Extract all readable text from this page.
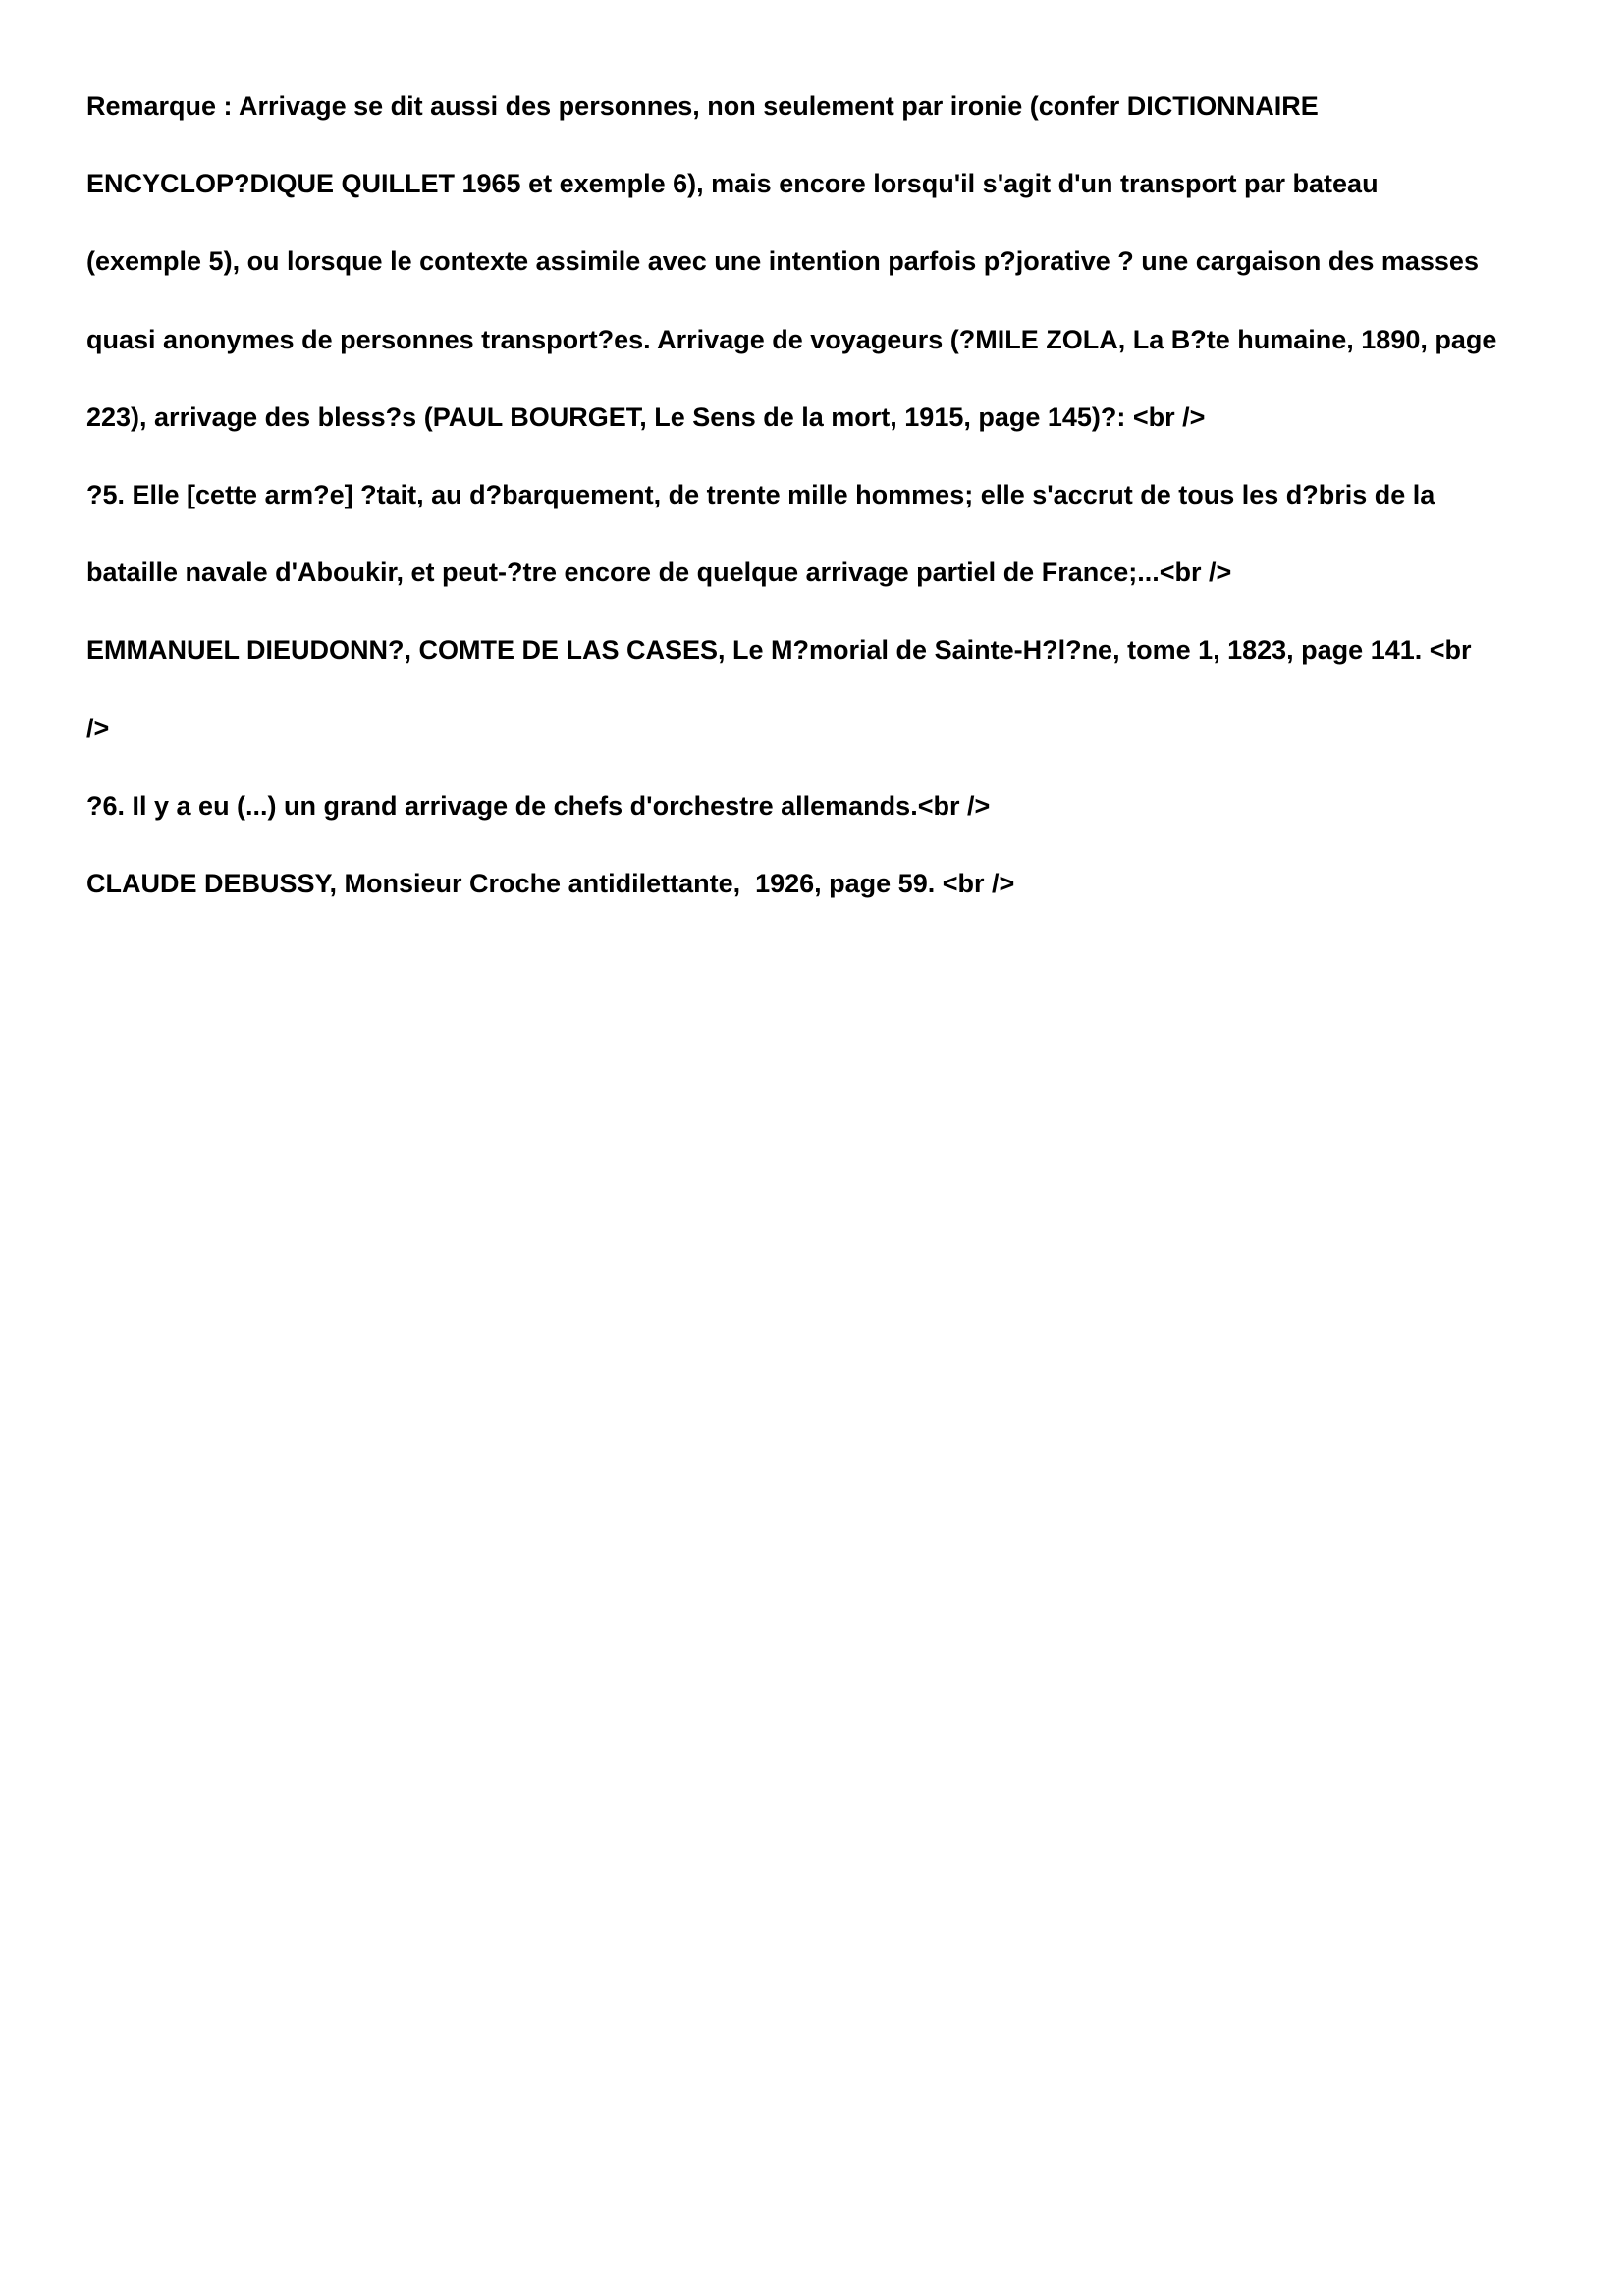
Remarque : Arrivage se dit aussi des personnes, non seulement par ironie (confer DICTIONNAIRE

ENCYCLOP?DIQUE QUILLET 1965 et exemple 6), mais encore lorsqu'il s'agit d'un transport par bateau

(exemple 5), ou lorsque le contexte assimile avec une intention parfois p?jorative ? une cargaison des masses

quasi anonymes de personnes transport?es. Arrivage de voyageurs (?MILE ZOLA, La B?te humaine, 1890, page

223), arrivage des bless?s (PAUL BOURGET, Le Sens de la mort, 1915, page 145)?: <br />

?5. Elle [cette arm?e] ?tait, au d?barquement, de trente mille hommes; elle s'accrut de tous les d?bris de la

bataille navale d'Aboukir, et peut-?tre encore de quelque arrivage partiel de France;...<br />

EMMANUEL DIEUDONN?, COMTE DE LAS CASES, Le M?morial de Sainte-H?l?ne, tome 1, 1823, page 141. <br

/>

?6. Il y a eu (...) un grand arrivage de chefs d'orchestre allemands.<br />

CLAUDE DEBUSSY, Monsieur Croche antidilettante,  1926, page 59. <br />
